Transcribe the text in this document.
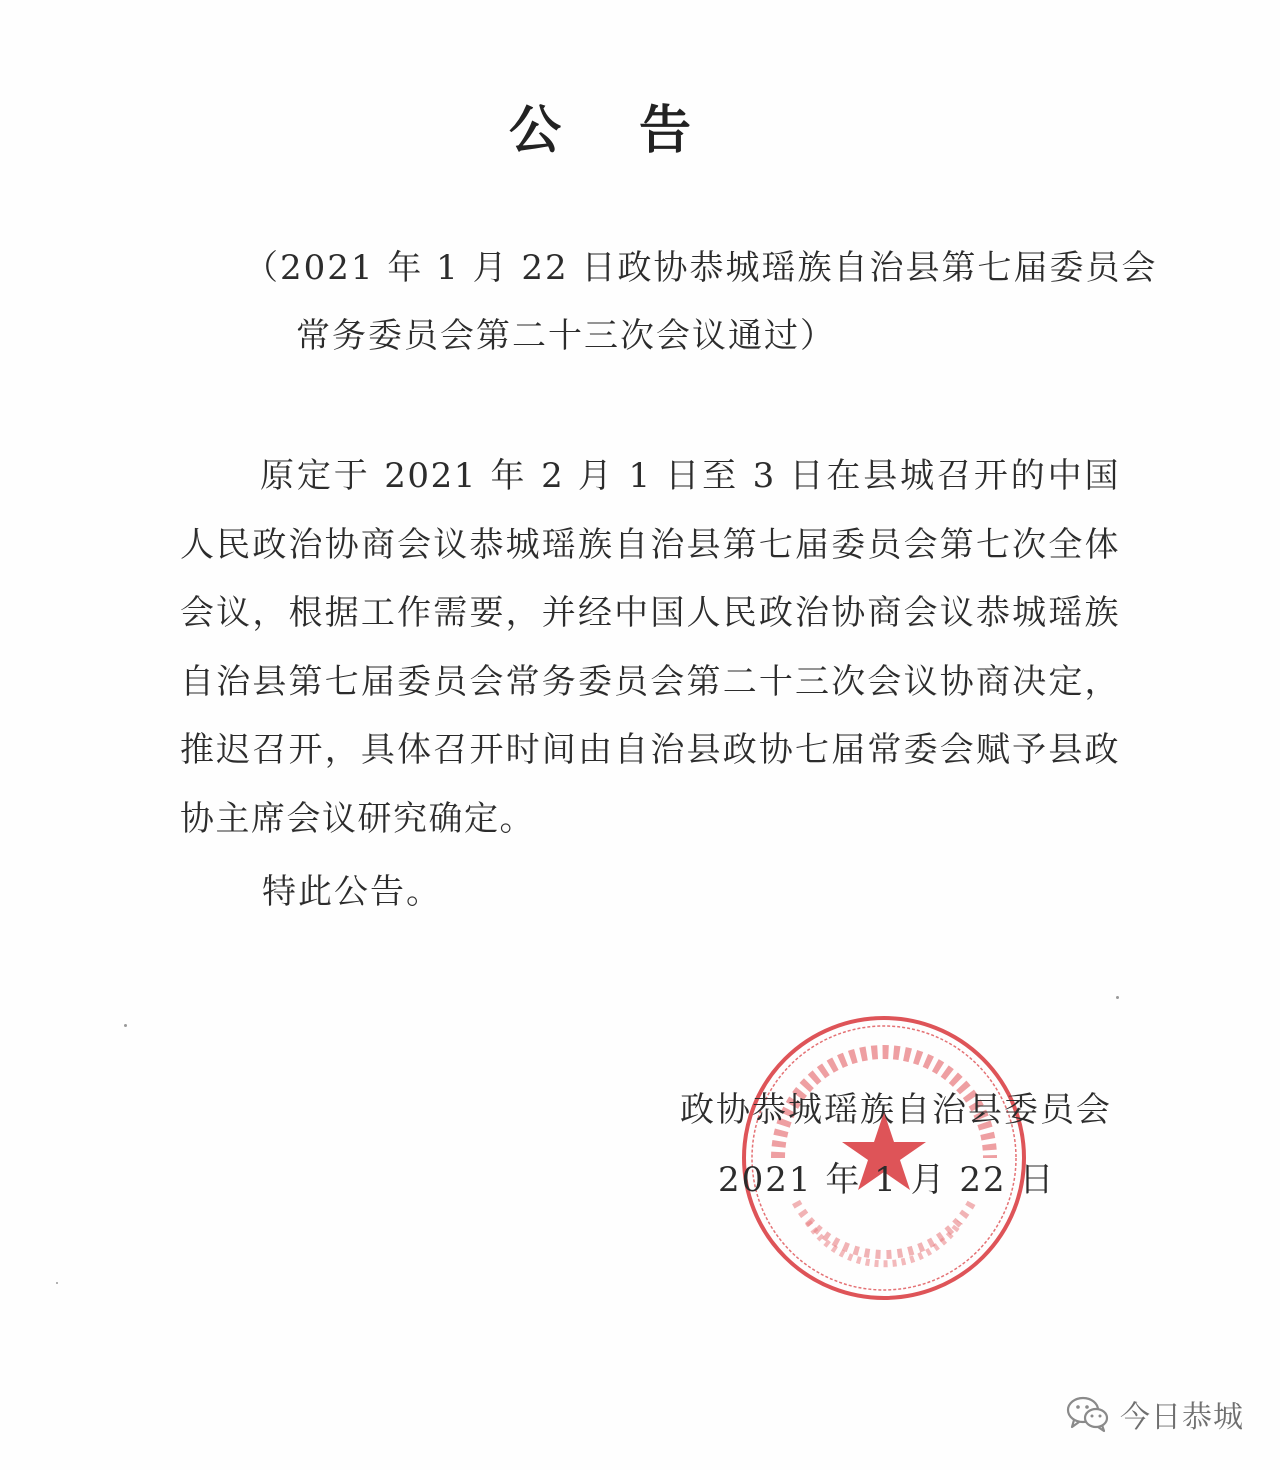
公告
（2021 年 1 月 22 日政协恭城瑶族自治县第七届委员会
常务委员会第二十三次会议通过）
原定于 2021 年 2 月 1 日至 3 日在县城召开的中国人民政治协商会议恭城瑶族自治县第七届委员会第七次全体会议，根据工作需要，并经中国人民政治协商会议恭城瑶族自治县第七届委员会常务委员会第二十三次会议协商决定，推迟召开，具体召开时间由自治县政协七届常委会赋予县政协主席会议研究确定。
特此公告。
政协恭城瑶族自治县委员会
2021 年 1 月 22 日
今日恭城
